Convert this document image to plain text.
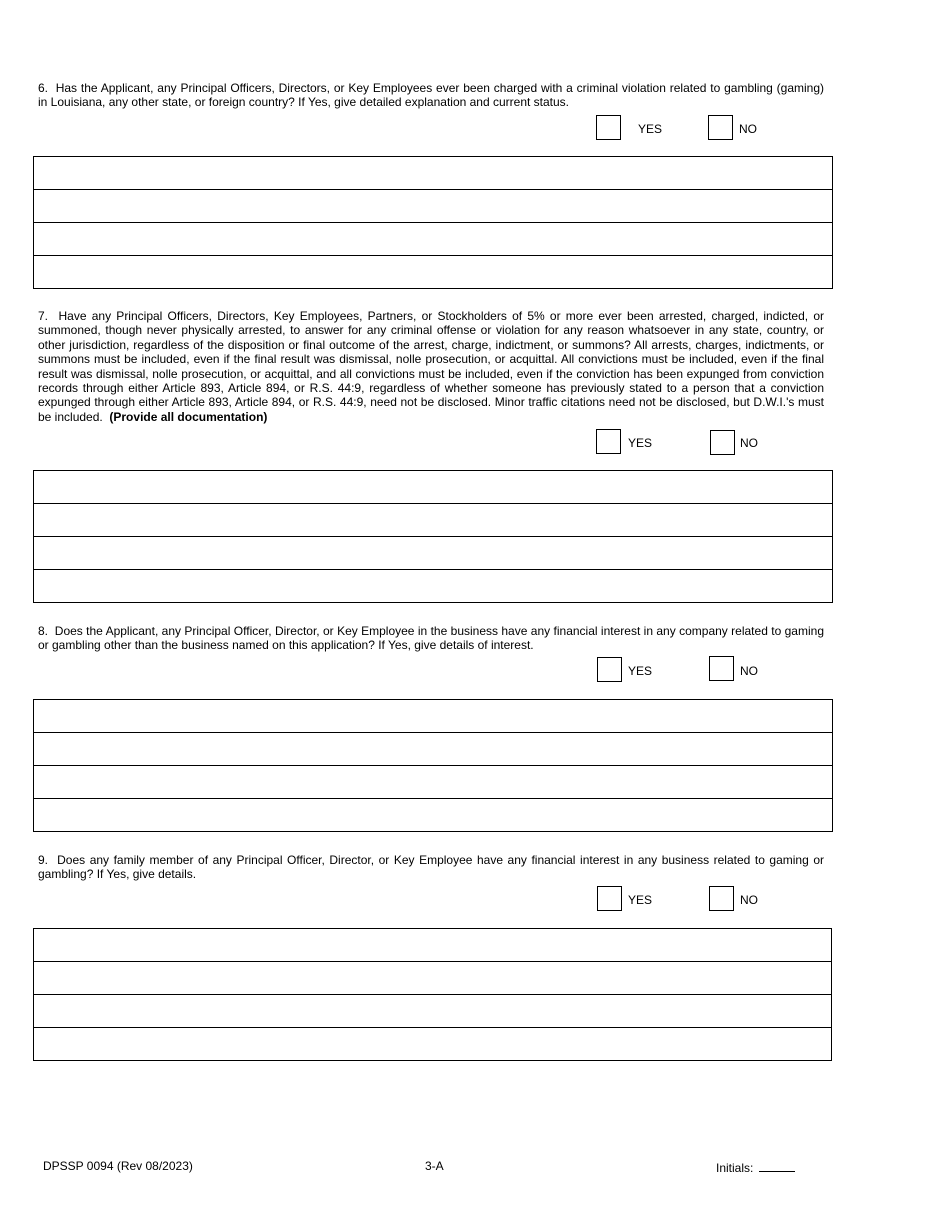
6. Has the Applicant, any Principal Officers, Directors, or Key Employees ever been charged with a criminal violation related to gambling (gaming) in Louisiana, any other state, or foreign country? If Yes, give detailed explanation and current status.

YES	NO

7. Have any Principal Officers, Directors, Key Employees, Partners, or Stockholders of 5% or more ever been arrested, charged, indicted, or summoned, though never physically arrested, to answer for any criminal offense or violation for any reason whatsoever in any state, country, or other jurisdiction, regardless of the disposition or final outcome of the arrest, charge, indictment, or summons? All arrests, charges, indictments, or summons must be included, even if the final result was dismissal, nolle prosecution, or acquittal. All convictions must be included, even if the final result was dismissal, nolle prosecution, or acquittal, and all convictions must be included, even if the conviction has been expunged from conviction records through either Article 893, Article 894, or R.S. 44:9, regardless of whether someone has previously stated to a person that a conviction expunged through either Article 893, Article 894, or R.S. 44:9, need not be disclosed. Minor traffic citations need not be disclosed, but D.W.I.'s must be included. (Provide all documentation)

YES	NO

8. Does the Applicant, any Principal Officer, Director, or Key Employee in the business have any financial interest in any company related to gaming or gambling other than the business named on this application? If Yes, give details of interest.

YES	NO

9. Does any family member of any Principal Officer, Director, or Key Employee have any financial interest in any business related to gaming or gambling? If Yes, give details.

YES	NO

DPSSP 0094 (Rev 08/2023)	3-A	Initials:
